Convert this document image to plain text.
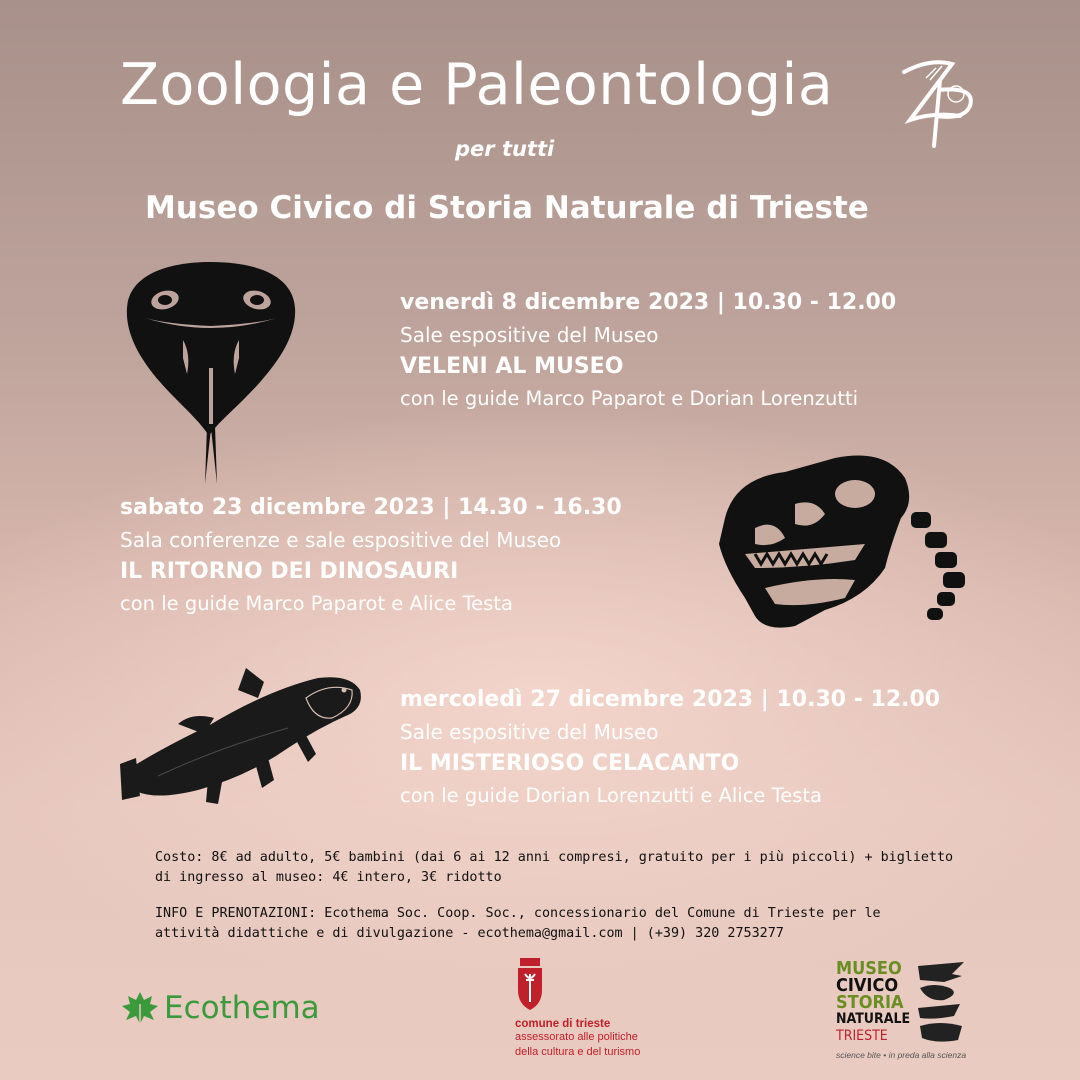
Zoologia e Paleontologia
per tutti
Museo Civico di Storia Naturale di Trieste
venerdì 8 dicembre 2023 | 10.30 - 12.00
Sale espositive del Museo
VELENI AL MUSEO
con le guide Marco Paparot e Dorian Lorenzutti
sabato 23 dicembre 2023 | 14.30 - 16.30
Sala conferenze e sale espositive del Museo
IL RITORNO DEI DINOSAURI
con le guide Marco Paparot e Alice Testa
mercoledì 27 dicembre 2023 | 10.30 - 12.00
Sale espositive del Museo
IL MISTERIOSO CELACANTO
con le guide Dorian Lorenzutti e Alice Testa
Costo: 8€ ad adulto, 5€ bambini (dai 6 ai 12 anni compresi, gratuito per i più piccoli) + biglietto
di ingresso al museo: 4€ intero, 3€ ridotto
INFO E PRENOTAZIONI: Ecothema Soc. Coop. Soc., concessionario del Comune di Trieste per le
attività didattiche e di divulgazione - ecothema@gmail.com | (+39) 320 2753277
Ecothema	comune di trieste
assessorato alle politiche
della cultura e del turismo
MUSEO
CIVICO
STORIA
NATURALE
TRIESTE
science bite • in preda alla scienza
